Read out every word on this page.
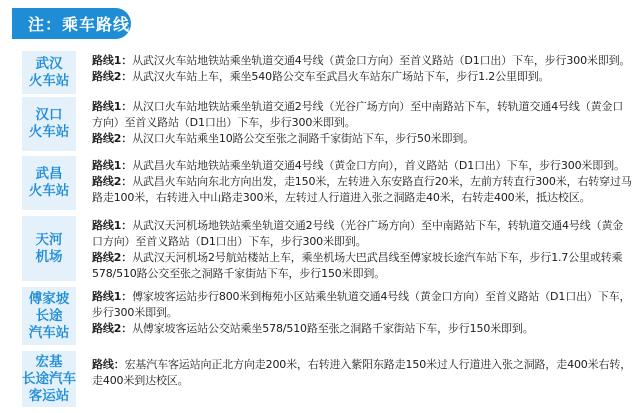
注：乘车路线
武汉
火车站
路线1：从武汉火车站地铁站乘坐轨道交通4号线（黄金口方向）至首义路站（D1口出）下车，步行300米即到。
路线2：从武汉火车站上车，乘坐540路公交车至武昌火车站东广场站下车，步行1.2公里即到。
汉口
火车站
路线1：从汉口火车站地铁站乘坐轨道交通2号线（光谷广场方向）至中南路站下车，转轨道交通4号线（黄金口方向）至首义路站（D1口出）下车，步行300米即到。
路线2：从汉口火车站乘坐10路公交至张之洞路千家街站下车，步行50米即到。
武昌
火车站
路线1：从武昌火车站地铁站乘坐轨道交通4号线（黄金口方向），首义路站（D1口出）下车，步行300米即到。
路线2：从武昌火车站向东北方向出发，走150米，左转进入东安路直行20米，左前方转直行300米，右转穿过马路走100米，右转进入中山路走300米，左转过人行道进入张之洞路走40米，右转走400米，抵达校区。
天河
机场
路线1：从武汉天河机场地铁站乘坐轨道交通2号线（光谷广场方向）至中南路站下车，转轨道交通4号线（黄金口方向）至首义路站（D1口出）下车，步行300米即到。
路线2：从武汉天河机场2号航站楼站上车，乘坐机场大巴武昌线至傅家坡长途汽车站下车，步行1.7公里或转乘578/510路公交至张之洞路千家街站下车，步行150米即到。
傅家坡
长途
汽车站
路线1：傅家坡客运站步行800米到梅苑小区站乘坐轨道交通4号线（黄金口方向）至首义路站（D1口出）下车，步行300米即到。
路线2：从傅家坡客运站公交站乘坐578/510路至张之洞路千家街站下车，步行150米即到。
宏基
长途汽车
客运站
路线：宏基汽车客运站向正北方向走200米，右转进入紫阳东路走150米过人行道进入张之洞路，走400米右转，走400米到达校区。
